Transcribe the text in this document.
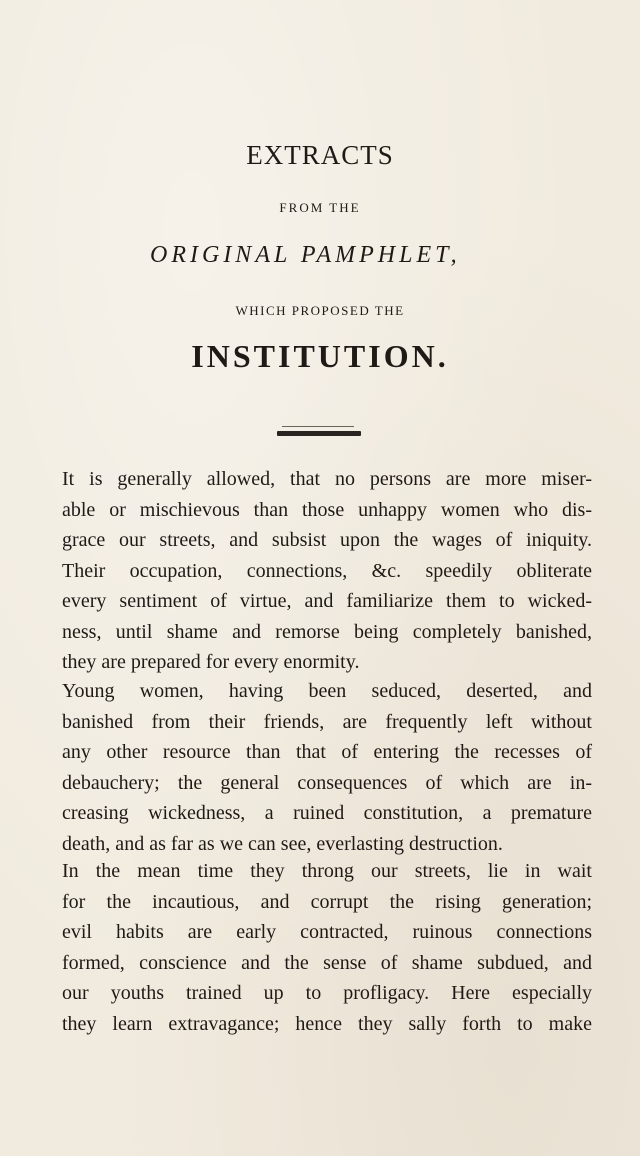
EXTRACTS
FROM THE
ORIGINAL PAMPHLET,
WHICH PROPOSED THE
INSTITUTION.
It is generally allowed, that no persons are more miser-
able or mischievous than those unhappy women who dis-
grace our streets, and subsist upon the wages of iniquity.
Their occupation, connections, &c. speedily obliterate
every sentiment of virtue, and familiarize them to wicked-
ness, until shame and remorse being completely banished,
they are prepared for every enormity.
Young women, having been seduced, deserted, and
banished from their friends, are frequently left without
any other resource than that of entering the recesses of
debauchery; the general consequences of which are in-
creasing wickedness, a ruined constitution, a premature
death, and as far as we can see, everlasting destruction.
In the mean time they throng our streets, lie in wait
for the incautious, and corrupt the rising generation;
evil habits are early contracted, ruinous connections
formed, conscience and the sense of shame subdued, and
our youths trained up to profligacy. Here especially
they learn extravagance; hence they sally forth to make
